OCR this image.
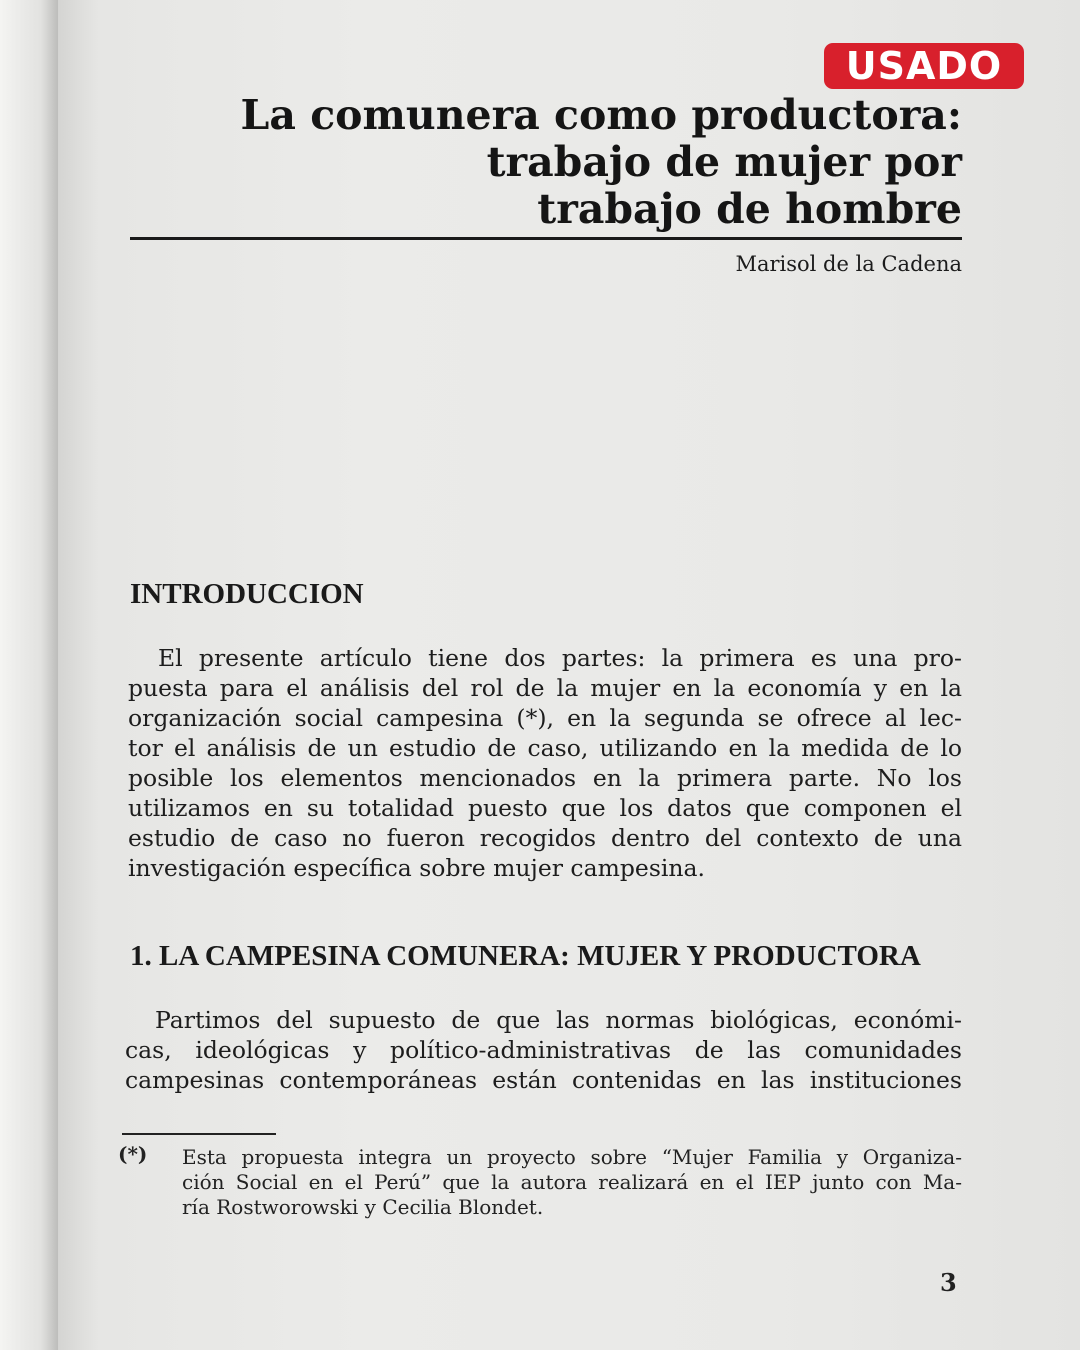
USADO
La comunera como productora:
trabajo de mujer por
trabajo de hombre
Marisol de la Cadena
INTRODUCCION

El presente artículo tiene dos partes: la primera es una pro-
puesta para el análisis del rol de la mujer en la economía y en la
organización social campesina (*), en la segunda se ofrece al lec-
tor el análisis de un estudio de caso, utilizando en la medida de lo
posible los elementos mencionados en la primera parte. No los
utilizamos en su totalidad puesto que los datos que componen el
estudio de caso no fueron recogidos dentro del contexto de una
investigación específica sobre mujer campesina.

1. LA CAMPESINA COMUNERA: MUJER Y PRODUCTORA

Partimos del supuesto de que las normas biológicas, económi-
cas, ideológicas y político-administrativas de las comunidades
campesinas contemporáneas están contenidas en las instituciones

(*) Esta propuesta integra un proyecto sobre “Mujer Familia y Organiza-
ción Social en el Perú” que la autora realizará en el IEP junto con Ma-
ría Rostworowski y Cecilia Blondet.

3
